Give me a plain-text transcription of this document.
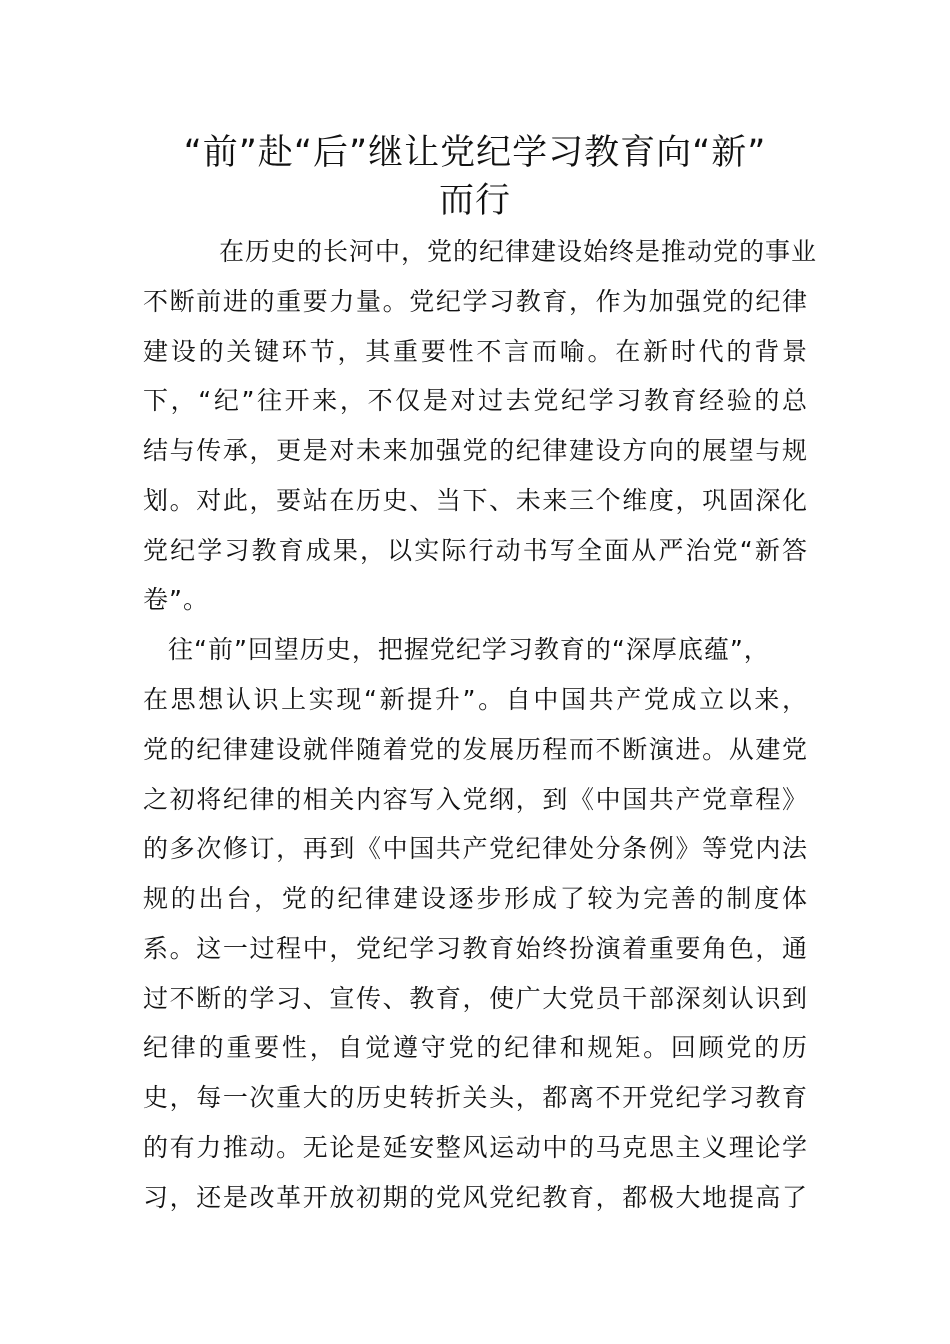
“前”赴“后”继让党纪学习教育向“新”
而行
在历史的长河中，党的纪律建设始终是推动党的事业
不断前进的重要力量。党纪学习教育，作为加强党的纪律
建设的关键环节，其重要性不言而喻。在新时代的背景
下，“纪”往开来，不仅是对过去党纪学习教育经验的总
结与传承，更是对未来加强党的纪律建设方向的展望与规
划。对此，要站在历史、当下、未来三个维度，巩固深化
党纪学习教育成果，以实际行动书写全面从严治党“新答
卷”。
往“前”回望历史，把握党纪学习教育的“深厚底蕴”，
在思想认识上实现“新提升”。自中国共产党成立以来，
党的纪律建设就伴随着党的发展历程而不断演进。从建党
之初将纪律的相关内容写入党纲，到《中国共产党章程》
的多次修订，再到《中国共产党纪律处分条例》等党内法
规的出台，党的纪律建设逐步形成了较为完善的制度体
系。这一过程中，党纪学习教育始终扮演着重要角色，通
过不断的学习、宣传、教育，使广大党员干部深刻认识到
纪律的重要性，自觉遵守党的纪律和规矩。回顾党的历
史，每一次重大的历史转折关头，都离不开党纪学习教育
的有力推动。无论是延安整风运动中的马克思主义理论学
习，还是改革开放初期的党风党纪教育，都极大地提高了
